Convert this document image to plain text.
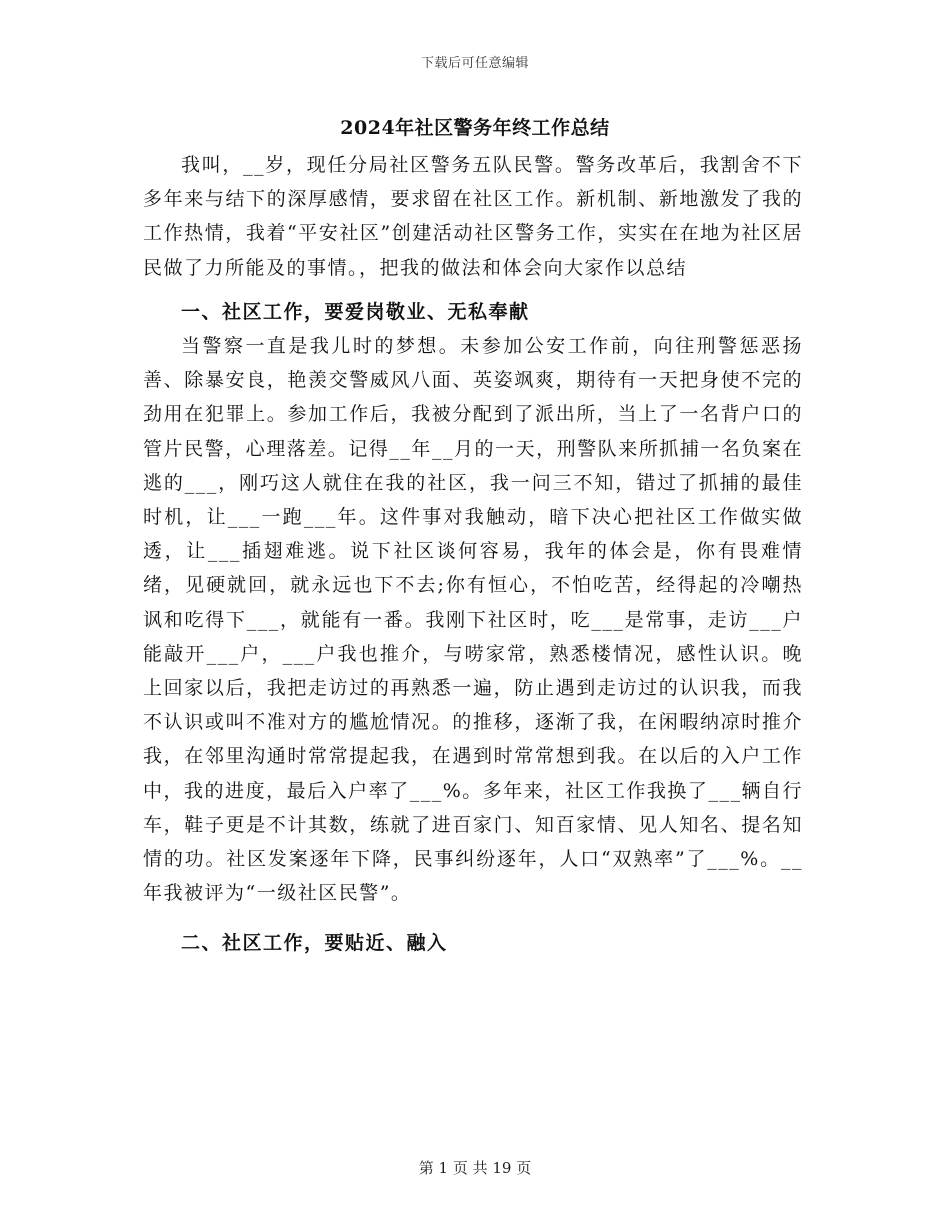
下载后可任意编辑
2024年社区警务年终工作总结

我叫，__岁，现任分局社区警务五队民警。警务改革后，我割舍不下多年来与结下的深厚感情，要求留在社区工作。新机制、新地激发了我的工作热情，我着“平安社区”创建活动社区警务工作，实实在在地为社区居民做了力所能及的事情。，把我的做法和体会向大家作以总结

一、社区工作，要爱岗敬业、无私奉献

当警察一直是我儿时的梦想。未参加公安工作前，向往刑警惩恶扬善、除暴安良，艳羡交警威风八面、英姿飒爽，期待有一天把身使不完的劲用在犯罪上。参加工作后，我被分配到了派出所，当上了一名背户口的管片民警，心理落差。记得__年__月的一天，刑警队来所抓捕一名负案在逃的___，刚巧这人就住在我的社区，我一问三不知，错过了抓捕的最佳时机，让___一跑___年。这件事对我触动，暗下决心把社区工作做实做透，让___插翅难逃。说下社区谈何容易，我年的体会是，你有畏难情绪，见硬就回，就永远也下不去;你有恒心，不怕吃苦，经得起的冷嘲热讽和吃得下___，就能有一番。我刚下社区时，吃___是常事，走访___户能敲开___户，___户我也推介，与唠家常，熟悉楼情况，感性认识。晚上回家以后，我把走访过的再熟悉一遍，防止遇到走访过的认识我，而我不认识或叫不准对方的尴尬情况。的推移，逐渐了我，在闲暇纳凉时推介我，在邻里沟通时常常提起我，在遇到时常常想到我。在以后的入户工作中，我的进度，最后入户率了___%。多年来，社区工作我换了___辆自行车，鞋子更是不计其数，练就了进百家门、知百家情、见人知名、提名知情的功。社区发案逐年下降，民事纠纷逐年，人口“双熟率”了___%。__年我被评为“一级社区民警”。

二、社区工作，要贴近、融入

第 1 页 共 19 页
